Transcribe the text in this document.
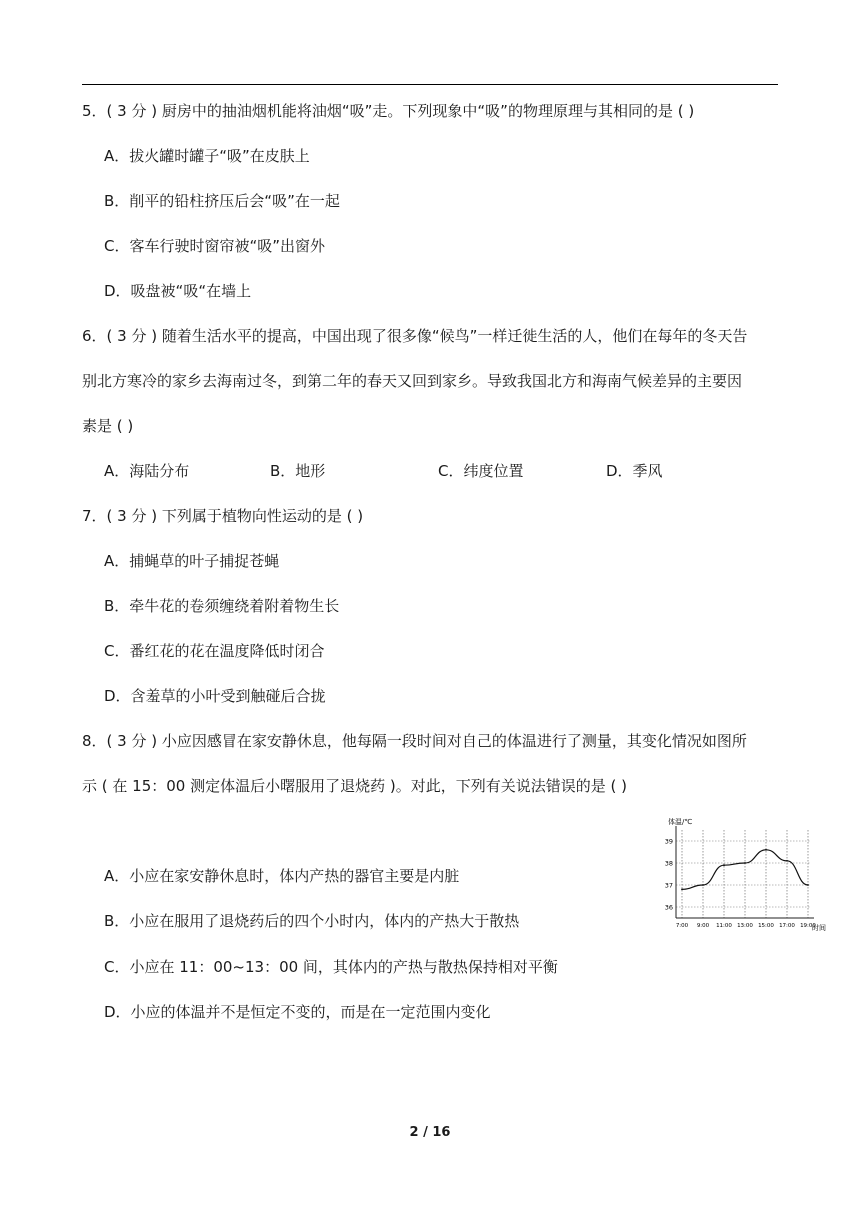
5．( 3 分 ) 厨房中的抽油烟机能将油烟“吸”走。下列现象中“吸”的物理原理与其相同的是 ( )
A．拔火罐时罐子“吸”在皮肤上
B．削平的铅柱挤压后会“吸”在一起
C．客车行驶时窗帘被“吸”出窗外
D．吸盘被“吸“在墙上
6．( 3 分 ) 随着生活水平的提高，中国出现了很多像“候鸟”一样迁徙生活的人，他们在每年的冬天告
别北方寒冷的家乡去海南过冬，到第二年的春天又回到家乡。导致我国北方和海南气候差异的主要因
素是 ( )
A．海陆分布	B．地形	C．纬度位置	D．季风
7．( 3 分 ) 下列属于植物向性运动的是 ( )
A．捕蝇草的叶子捕捉苍蝇
B．牵牛花的卷须缠绕着附着物生长
C．番红花的花在温度降低时闭合
D．含羞草的小叶受到触碰后合拢
8．( 3 分 ) 小应因感冒在家安静休息，他每隔一段时间对自己的体温进行了测量，其变化情况如图所
示 ( 在 15：00 测定体温后小曙服用了退烧药 )。对此，下列有关说法错误的是 ( )
A．小应在家安静休息时，体内产热的器官主要是内脏
B．小应在服用了退烧药后的四个小时内，体内的产热大于散热
C．小应在 11：00~13：00 间，其体内的产热与散热保持相对平衡
D．小应的体温并不是恒定不变的，而是在一定范围内变化
体温/℃
时间
36
37
38
39
7:00 9:00 11:00 13:00 15:00 17:00 19:00
2 / 16
